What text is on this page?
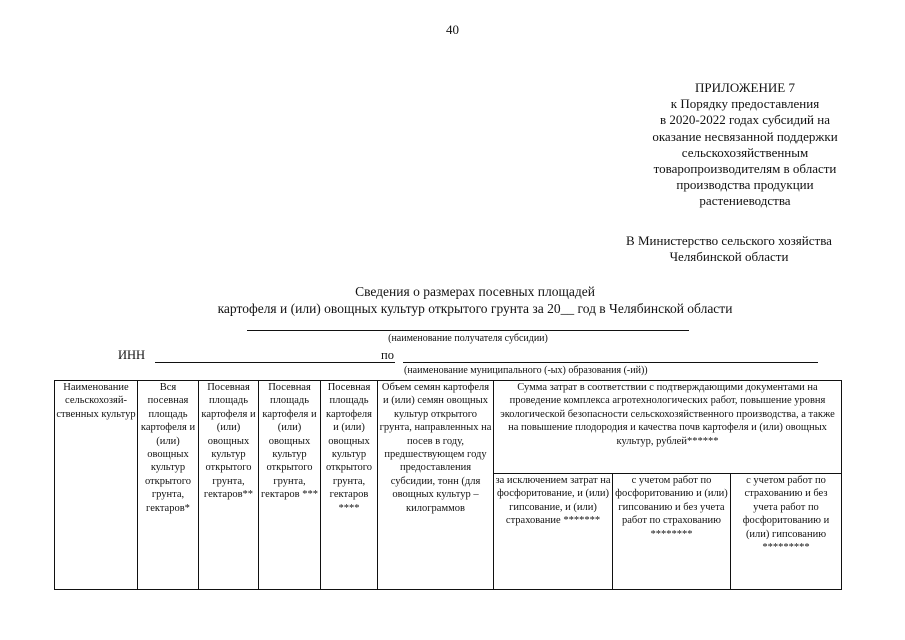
40
ПРИЛОЖЕНИЕ 7
к Порядку предоставления
в 2020-2022 годах субсидий на
оказание несвязанной поддержки
сельскохозяйственным
товаропроизводителям в области
производства продукции
растениеводства
В Министерство сельского хозяйства
Челябинской области
Сведения о размерах посевных площадей
картофеля и (или) овощных культур открытого грунта за 20__ год в Челябинской области
(наименование получателя субсидии)
ИНН	по
(наименование муниципального (-ых) образования (-ий))
Наименование сельскохозяй-ственных культур	Вся посевная площадь картофеля и (или) овощных культур открытого грунта, гектаров*	Посевная площадь картофеля и (или) овощных культур открытого грунта, гектаров**	Посевная площадь картофеля и (или) овощных культур открытого грунта, гектаров ***	Посевная площадь картофеля и (или) овощных культур открытого грунта, гектаров ****	Объем семян картофеля и (или) семян овощных культур открытого грунта, направленных на посев в году, предшествующем году предоставления субсидии, тонн (для овощных культур – килограммов	Сумма затрат в соответствии с подтверждающими документами на проведение комплекса агротехнологических работ, повышение уровня экологической безопасности сельскохозяйственного производства, а также на повышение плодородия и качества почв картофеля и (или) овощных культур, рублей******		
						за исключением затрат на фосфоритование, и (или) гипсование, и (или) страхование *******	с учетом работ по фосфоритованию и (или) гипсованию и без учета работ по страхованию ********	с учетом работ по страхованию и без учета работ по фосфоритованию и (или) гипсованию *********
